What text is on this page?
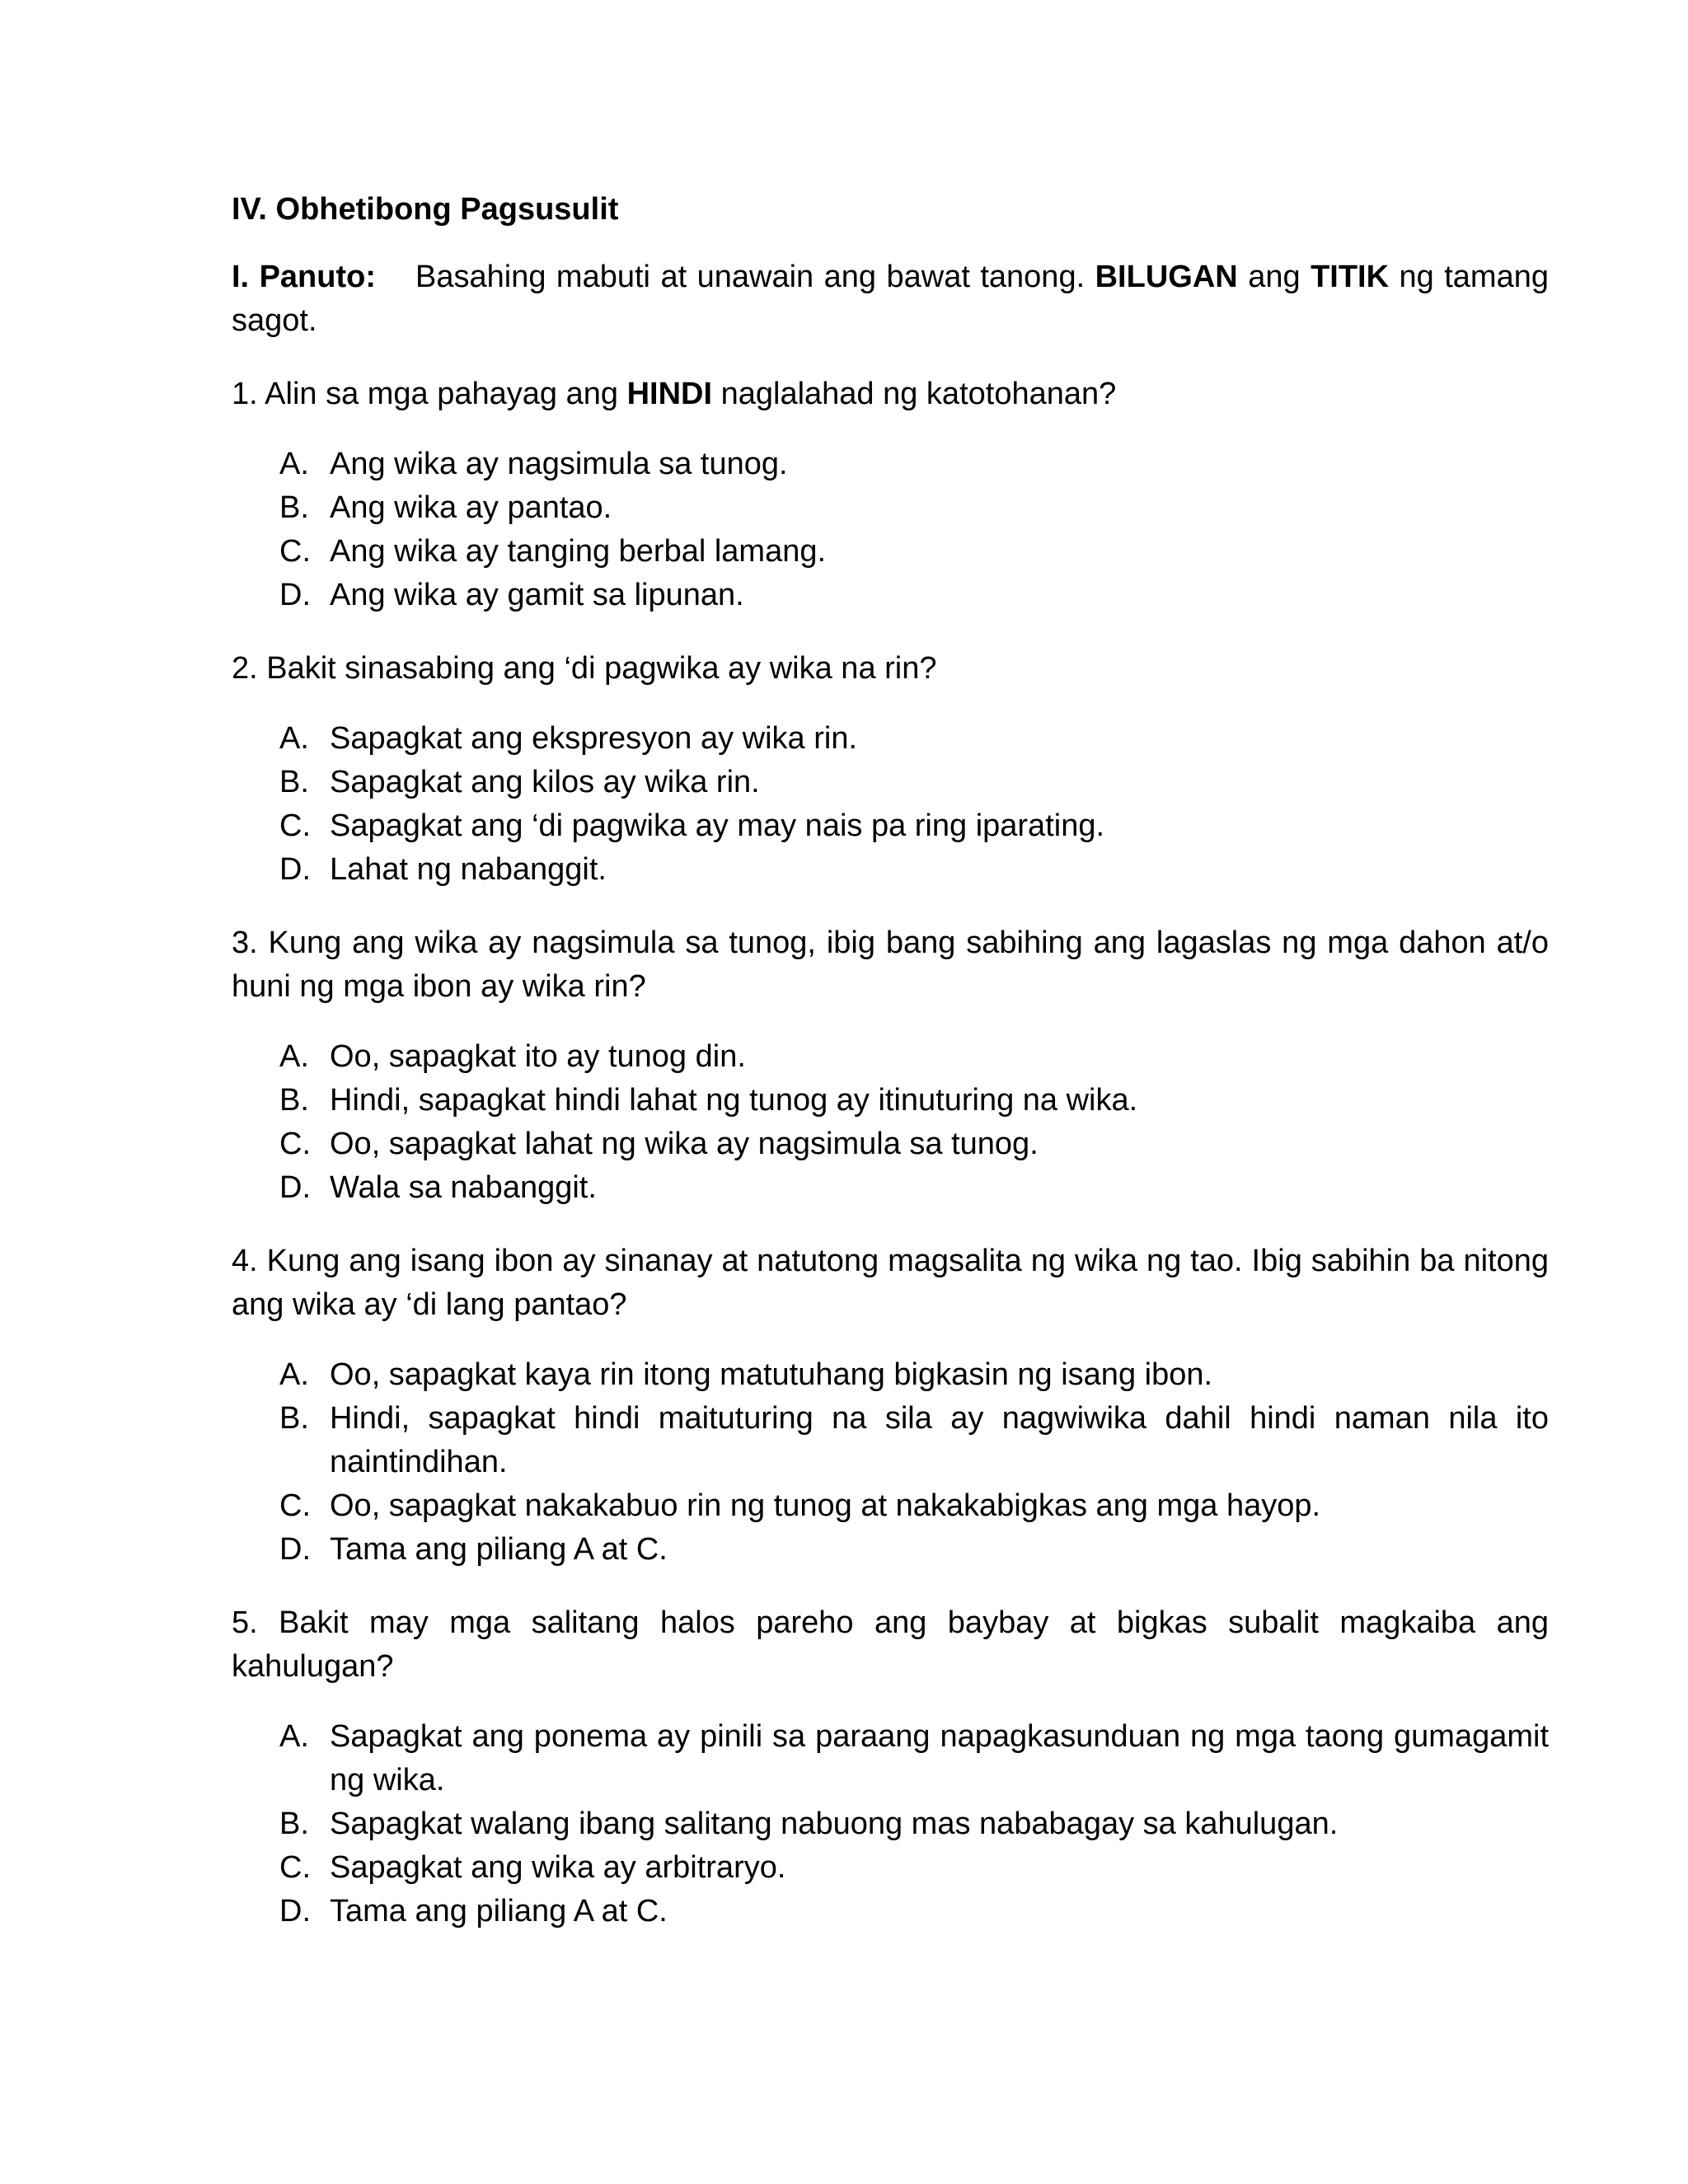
IV. Obhetibong Pagsusulit
I. Panuto: Basahing mabuti at unawain ang bawat tanong. BILUGAN ang TITIK ng tamang sagot.
1. Alin sa mga pahayag ang HINDI naglalahad ng katotohanan?
A. Ang wika ay nagsimula sa tunog.
B. Ang wika ay pantao.
C. Ang wika ay tanging berbal lamang.
D. Ang wika ay gamit sa lipunan.
2. Bakit sinasabing ang ‘di pagwika ay wika na rin?
A. Sapagkat ang ekspresyon ay wika rin.
B. Sapagkat ang kilos ay wika rin.
C. Sapagkat ang ‘di pagwika ay may nais pa ring iparating.
D. Lahat ng nabanggit.
3. Kung ang wika ay nagsimula sa tunog, ibig bang sabihing ang lagaslas ng mga dahon at/o huni ng mga ibon ay wika rin?
A. Oo, sapagkat ito ay tunog din.
B. Hindi, sapagkat hindi lahat ng tunog ay itinuturing na wika.
C. Oo, sapagkat lahat ng wika ay nagsimula sa tunog.
D. Wala sa nabanggit.
4. Kung ang isang ibon ay sinanay at natutong magsalita ng wika ng tao. Ibig sabihin ba nitong ang wika ay ‘di lang pantao?
A. Oo, sapagkat kaya rin itong matutuhang bigkasin ng isang ibon.
B. Hindi, sapagkat hindi maituturing na sila ay nagwiwika dahil hindi naman nila ito naintindihan.
C. Oo, sapagkat nakakabuo rin ng tunog at nakakabigkas ang mga hayop.
D. Tama ang piliang A at C.
5. Bakit may mga salitang halos pareho ang baybay at bigkas subalit magkaiba ang kahulugan?
A. Sapagkat ang ponema ay pinili sa paraang napagkasunduan ng mga taong gumagamit ng wika.
B. Sapagkat walang ibang salitang nabuong mas nababagay sa kahulugan.
C. Sapagkat ang wika ay arbitraryo.
D. Tama ang piliang A at C.
